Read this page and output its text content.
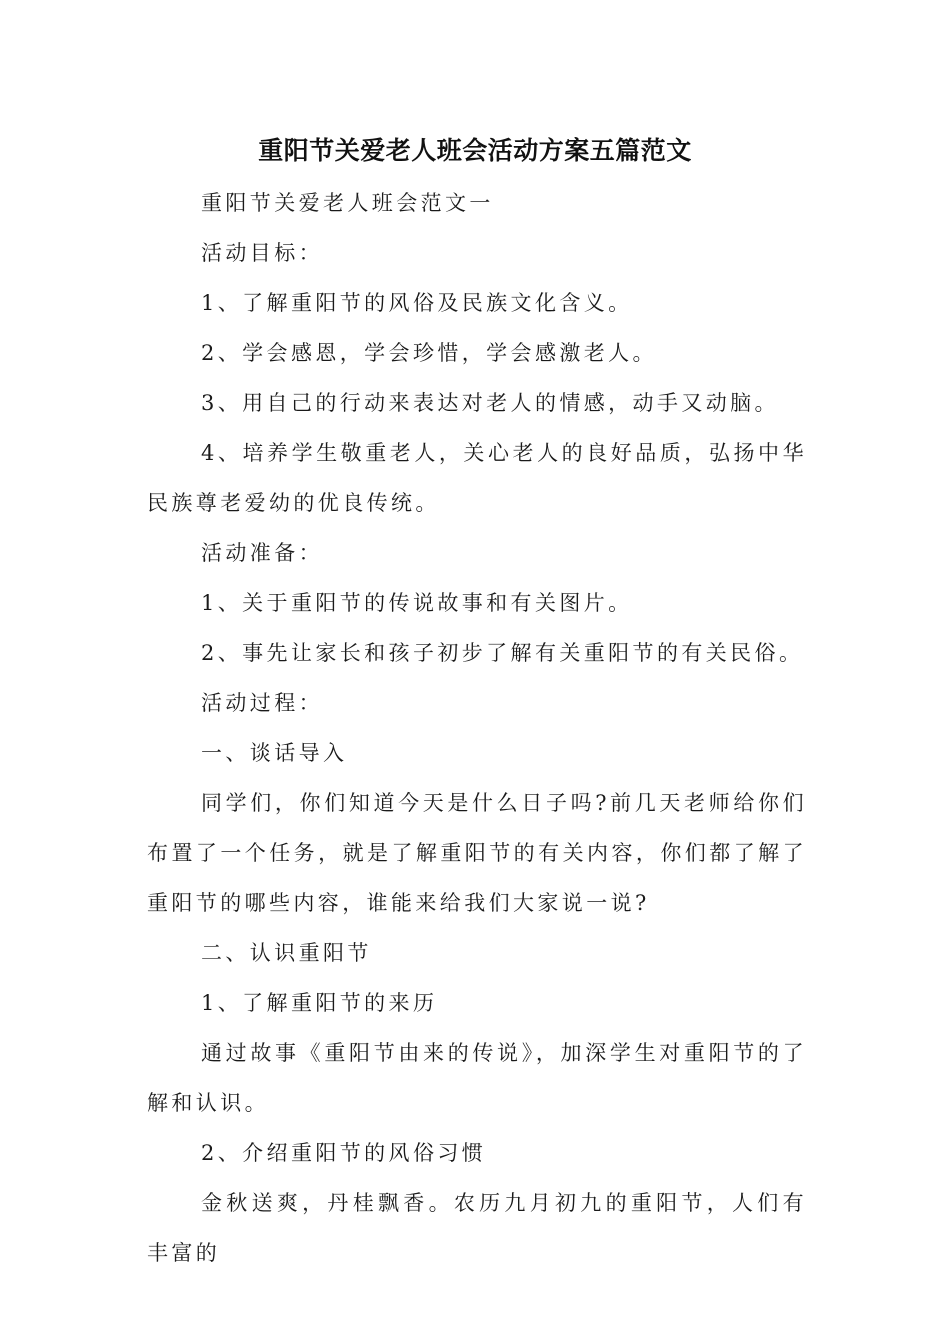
重阳节关爱老人班会活动方案五篇范文

重阳节关爱老人班会范文一

活动目标：

1、了解重阳节的风俗及民族文化含义。

2、学会感恩，学会珍惜，学会感激老人。

3、用自己的行动来表达对老人的情感，动手又动脑。

4、培养学生敬重老人，关心老人的良好品质，弘扬中华民族尊老爱幼的优良传统。

活动准备：

1、关于重阳节的传说故事和有关图片。

2、事先让家长和孩子初步了解有关重阳节的有关民俗。

活动过程：

一、谈话导入

同学们，你们知道今天是什么日子吗?前几天老师给你们布置了一个任务，就是了解重阳节的有关内容，你们都了解了重阳节的哪些内容，谁能来给我们大家说一说?

二、认识重阳节

1、了解重阳节的来历

通过故事《重阳节由来的传说》，加深学生对重阳节的了解和认识。

2、介绍重阳节的风俗习惯

金秋送爽，丹桂飘香。农历九月初九的重阳节，人们有丰富的
